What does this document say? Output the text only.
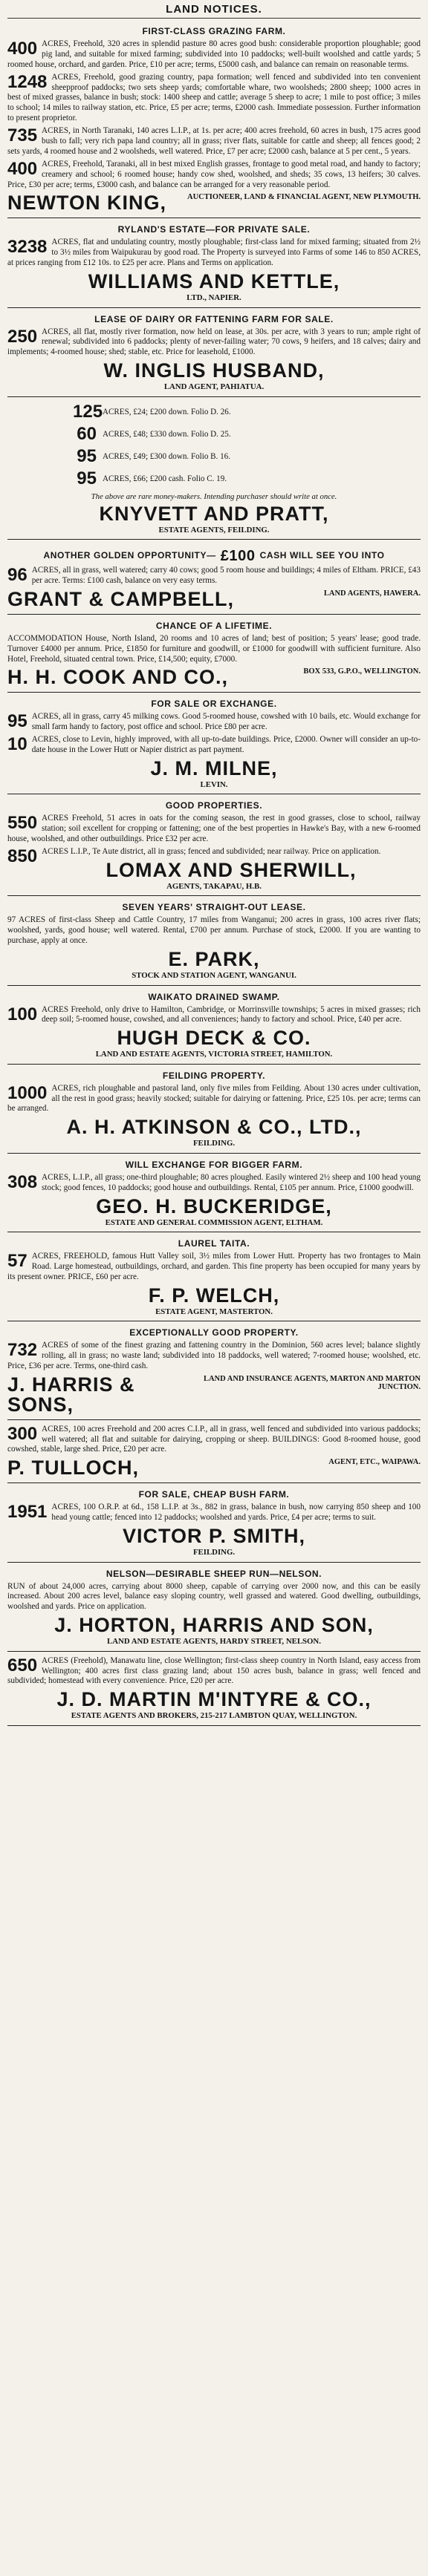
LAND NOTICES.
FIRST-CLASS GRAZING FARM.

400 ACRES, Freehold, 320 acres in splendid pasture 80 acres good bush: considerable proportion ploughable; good pig land, and suitable for mixed farming; subdivided into 10 paddocks; well-built woolshed and cattle yards; 5 roomed house, orchard, and garden. Price, £10 per acre; terms, £5000 cash, and balance can remain on reasonable terms.

1248 ACRES, Freehold, good grazing country, papa formation; well fenced and subdivided into ten convenient sheepproof paddocks; two sets sheep yards; comfortable whare, two woolsheds; 2800 sheep; 1000 acres in best of mixed grasses, balance in bush; stock: 1400 sheep and cattle; average 5 sheep to acre; 1 mile to post office; 3 miles to school; 14 miles to railway station, etc. Price, £5 per acre; terms, £2000 cash. Immediate possession. Further information to present proprietor.

735 ACRES, in North Taranaki, 140 acres L.I.P., at 1s. per acre; 400 acres freehold, 60 acres in bush, 175 acres good bush to fall; very rich papa land country; all in grass; river flats, suitable for cattle and sheep; all fences good; 2 sets yards, 4 roomed house and 2 woolsheds, well watered. Price, £7 per acre; £2000 cash, balance at 5 per cent., 5 years.

400 ACRES, Freehold, Taranaki, all in best mixed English grasses, frontage to good metal road, and handy to factory; creamery and school; 6 roomed house; handy cow shed, woolshed, and sheds; 35 cows, 13 heifers; 30 calves. Price, £30 per acre; terms, £3000 cash, and balance can be arranged for a very reasonable period.

NEWTON KING,	AUCTIONEER, LAND & FINANCIAL AGENT, NEW PLYMOUTH.
RYLAND'S ESTATE—FOR PRIVATE SALE.

3238 ACRES, flat and undulating country, mostly ploughable; first-class land for mixed farming; situated from 2½ to 3½ miles from Waipukurau by good road. The Property is surveyed into Farms of some 146 to 850 ACRES, at prices ranging from £12 10s. to £25 per acre. Plans and Terms on application.

WILLIAMS AND KETTLE,
LTD., NAPIER.
LEASE OF DAIRY OR FATTENING FARM FOR SALE.

250 ACRES, all flat, mostly river formation, now held on lease, at 30s. per acre, with 3 years to run; ample right of renewal; subdivided into 6 paddocks; plenty of never-failing water; 70 cows, 9 heifers, and 18 calves; dairy and implements; 4-roomed house; shed; stable, etc. Price for leasehold, £1000.

W. INGLIS HUSBAND,
LAND AGENT, PAHIATUA.
125 ACRES, £24; £200 down. Folio D. 26.
60 ACRES, £48; £330 down. Folio D. 25.
95 ACRES, £49; £300 down. Folio B. 16.
95 ACRES, £66; £200 cash. Folio C. 19.
The above are rare money-makers. Intending purchaser should write at once.
KNYVETT AND PRATT,
ESTATE AGENTS, FEILDING.
ANOTHER GOLDEN OPPORTUNITY— £100 CASH WILL SEE YOU INTO

96 ACRES, all in grass, well watered; carry 40 cows; good 5 room house and buildings; 4 miles of Eltham. PRICE, £43 per acre. Terms: £100 cash, balance on very easy terms.

GRANT & CAMPBELL,	LAND AGENTS, HAWERA.
CHANCE OF A LIFETIME.

ACCOMMODATION House, North Island, 20 rooms and 10 acres of land; best of position; 5 years' lease; good trade. Turnover £4000 per annum. Price, £1850 for furniture and goodwill, or £1000 for goodwill with sufficient furniture. Also Hotel, Freehold, situated central town. Price, £14,500; equity, £7000.

H. H. COOK AND CO.,	BOX 533, G.P.O., WELLINGTON.
FOR SALE OR EXCHANGE.

95 ACRES, all in grass, carry 45 milking cows. Good 5-roomed house, cowshed with 10 bails, etc. Would exchange for small farm handy to factory, post office and school. Price £80 per acre.

10 ACRES, close to Levin, highly improved, with all up-to-date buildings. Price, £2000. Owner will consider an up-to-date house in the Lower Hutt or Napier district as part payment.

J. M. MILNE,
LEVIN.
GOOD PROPERTIES.

550 ACRES Freehold, 51 acres in oats for the coming season, the rest in good grasses, close to school, railway station; soil excellent for cropping or fattening; one of the best properties in Hawke's Bay, with a new 6-roomed house, woolshed, and other outbuildings. Price £32 per acre.

850 ACRES L.I.P., Te Aute district, all in grass; fenced and subdivided; near railway. Price on application.

LOMAX AND SHERWILL,
AGENTS, TAKAPAU, H.B.
SEVEN YEARS' STRAIGHT-OUT LEASE.

97 ACRES of first-class Sheep and Cattle Country, 17 miles from Wanganui; 200 acres in grass, 100 acres river flats; woolshed, yards, good house; well watered. Rental, £700 per annum. Purchase of stock, £2000. If you are wanting to purchase, apply at once.

E. PARK,
STOCK AND STATION AGENT, WANGANUI.
WAIKATO DRAINED SWAMP.

100 ACRES Freehold, only drive to Hamilton, Cambridge, or Morrinsville townships; 5 acres in mixed grasses; rich deep soil; 5-roomed house, cowshed, and all conveniences; handy to factory and school. Price, £40 per acre.

HUGH DECK & CO.
LAND AND ESTATE AGENTS, VICTORIA STREET, HAMILTON.
FEILDING PROPERTY.

1000 ACRES, rich ploughable and pastoral land, only five miles from Feilding. About 130 acres under cultivation, all the rest in good grass; heavily stocked; suitable for dairying or fattening. Price, £25 10s. per acre; terms can be arranged.

A. H. ATKINSON & CO., LTD.,
FEILDING.
WILL EXCHANGE FOR BIGGER FARM.

308 ACRES, L.I.P., all grass; one-third ploughable; 80 acres ploughed. Easily wintered 2½ sheep and 100 head young stock; good fences, 10 paddocks; good house and outbuildings. Rental, £105 per annum. Price, £1000 goodwill.

GEO. H. BUCKERIDGE,
ESTATE AND GENERAL COMMISSION AGENT, ELTHAM.
LAUREL TAITA.

57 ACRES, FREEHOLD, famous Hutt Valley soil, 3½ miles from Lower Hutt. Property has two frontages to Main Road. Large homestead, outbuildings, orchard, and garden. This fine property has been occupied for many years by its present owner. PRICE, £60 per acre.

F. P. WELCH,
ESTATE AGENT, MASTERTON.
EXCEPTIONALLY GOOD PROPERTY.

732 ACRES of some of the finest grazing and fattening country in the Dominion, 560 acres level; balance slightly rolling, all in grass; no waste land; subdivided into 18 paddocks, well watered; 7-roomed house; woolshed, etc. Price, £36 per acre. Terms, one-third cash.

J. HARRIS & SONS,
LAND AND INSURANCE AGENTS, MARTON AND MARTON JUNCTION.

300 ACRES, 100 acres Freehold and 200 acres C.I.P., all in grass, well fenced and subdivided into various paddocks; well watered; all flat and suitable for dairying, cropping or sheep. BUILDINGS: Good 8-roomed house, good cowshed, stable, large shed. Price, £20 per acre.

P. TULLOCH,	AGENT, ETC., WAIPAWA.
FOR SALE, CHEAP BUSH FARM.

1951 ACRES, 100 O.R.P. at 6d., 158 L.I.P. at 3s., 882 in grass, balance in bush, now carrying 850 sheep and 100 head young cattle; fenced into 12 paddocks; woolshed and yards. Price, £4 per acre; terms to suit.

VICTOR P. SMITH,
FEILDING.
NELSON—DESIRABLE SHEEP RUN—NELSON.

RUN of about 24,000 acres, carrying about 8000 sheep, capable of carrying over 2000 now, and this can be easily increased. About 200 acres level, balance easy sloping country, well grassed and watered. Good dwelling, outbuildings, woolshed and yards. Price on application.

J. HORTON, HARRIS AND SON,
LAND AND ESTATE AGENTS, HARDY STREET, NELSON.

650 ACRES (Freehold), Manawatu line, close Wellington; first-class sheep country in North Island, easy access from Wellington; 400 acres first class grazing land; about 150 acres bush, balance in grass; well fenced and subdivided; homestead with every convenience. Price, £20 per acre.

J. D. MARTIN M'INTYRE & CO.,
ESTATE AGENTS AND BROKERS, 215-217 LAMBTON QUAY, WELLINGTON.
